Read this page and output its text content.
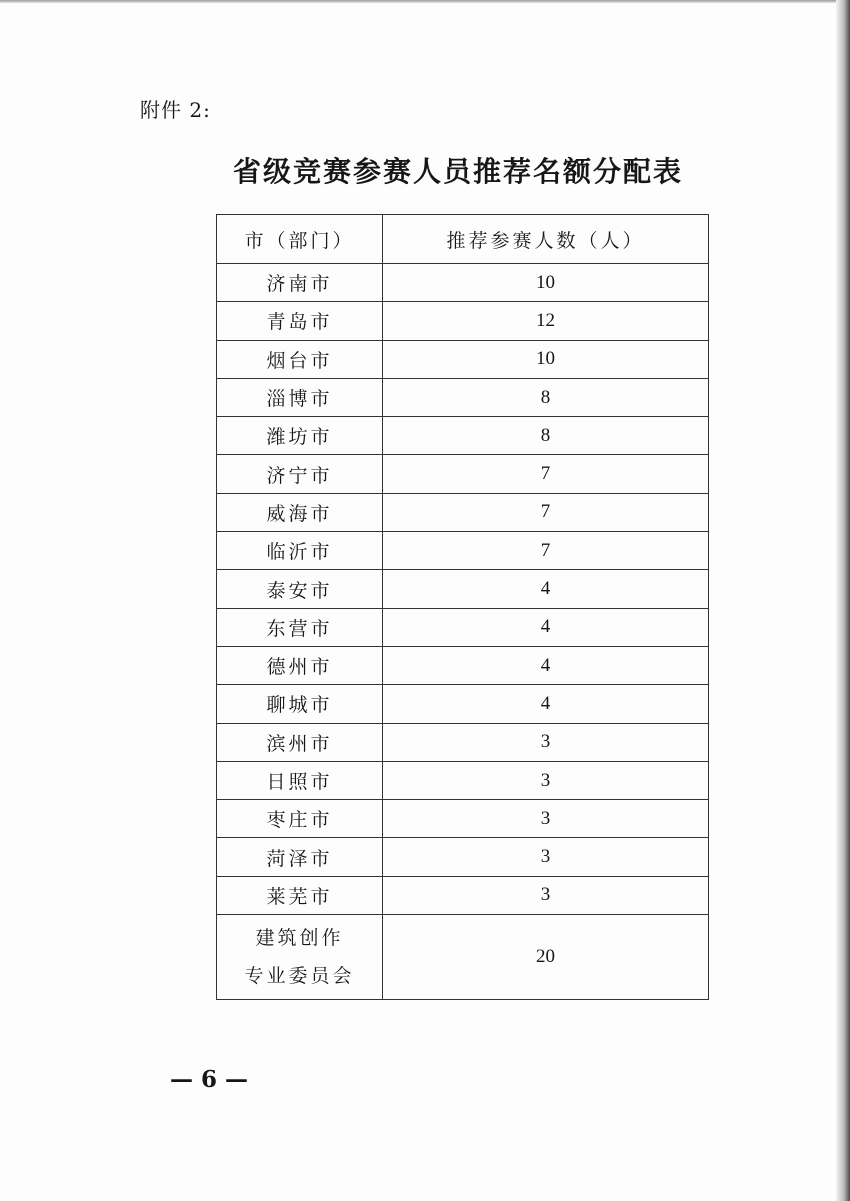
附件 2:
省级竞赛参赛人员推荐名额分配表
市（部门）	推荐参赛人数（人）
济南市	10
青岛市	12
烟台市	10
淄博市	8
潍坊市	8
济宁市	7
威海市	7
临沂市	7
泰安市	4
东营市	4
德州市	4
聊城市	4
滨州市	3
日照市	3
枣庄市	3
菏泽市	3
莱芜市	3

建筑创作
专业委员会	20
— 6 —
